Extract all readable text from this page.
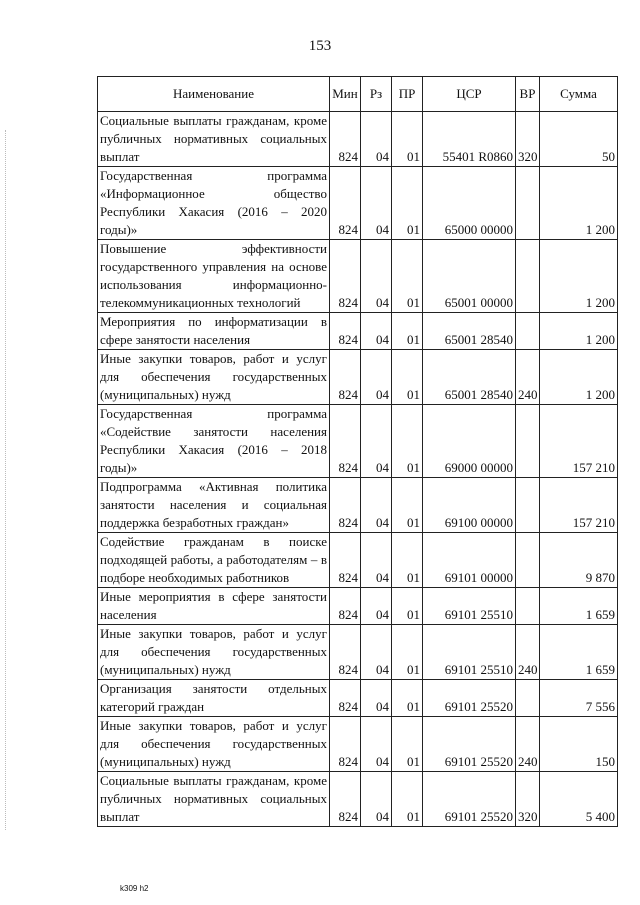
153
Наименование	Мин	Рз	ПР	ЦСР	ВР	Сумма
Социальные выплаты гражданам, кроме публичных нормативных социальных выплат	824	04	01	55401 R0860	320	50
Государственная программа «Информационное общество Республики Хакасия (2016 – 2020 годы)»	824	04	01	65000 00000		1 200
Повышение эффективности государственного управления на основе использования информационно-телекоммуникационных технологий	824	04	01	65001 00000		1 200
Мероприятия по информатизации в сфере занятости населения	824	04	01	65001 28540		1 200
Иные закупки товаров, работ и услуг для обеспечения государственных (муниципальных) нужд	824	04	01	65001 28540	240	1 200
Государственная программа «Содействие занятости населения Республики Хакасия (2016 – 2018 годы)»	824	04	01	69000 00000		157 210
Подпрограмма «Активная политика занятости населения и социальная поддержка безработных граждан»	824	04	01	69100 00000		157 210
Содействие гражданам в поиске подходящей работы, а работодателям – в подборе необходимых работников	824	04	01	69101 00000		9 870
Иные мероприятия в сфере занятости населения	824	04	01	69101 25510		1 659
Иные закупки товаров, работ и услуг для обеспечения государственных (муниципальных) нужд	824	04	01	69101 25510	240	1 659
Организация занятости отдельных категорий граждан	824	04	01	69101 25520		7 556
Иные закупки товаров, работ и услуг для обеспечения государственных (муниципальных) нужд	824	04	01	69101 25520	240	150
Социальные выплаты гражданам, кроме публичных нормативных социальных выплат	824	04	01	69101 25520	320	5 400
k309 h2
